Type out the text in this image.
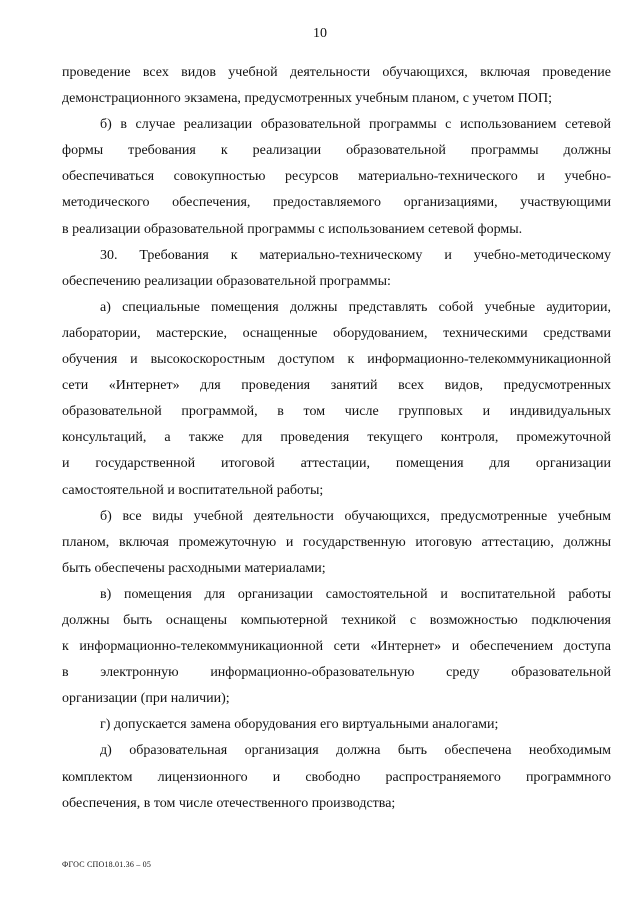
10
проведение всех видов учебной деятельности обучающихся, включая проведение
демонстрационного экзамена, предусмотренных учебным планом, с учетом ПОП;
б) в случае реализации образовательной программы с использованием сетевой
формы требования к реализации образовательной программы должны
обеспечиваться совокупностью ресурсов материально-технического и учебно-
методического обеспечения, предоставляемого организациями, участвующими
в реализации образовательной программы с использованием сетевой формы.
30. Требования к материально-техническому и учебно-методическому
обеспечению реализации образовательной программы:
а) специальные помещения должны представлять собой учебные аудитории,
лаборатории, мастерские, оснащенные оборудованием, техническими средствами
обучения и высокоскоростным доступом к информационно-телекоммуникационной
сети «Интернет» для проведения занятий всех видов, предусмотренных
образовательной программой, в том числе групповых и индивидуальных
консультаций, а также для проведения текущего контроля, промежуточной
и государственной итоговой аттестации, помещения для организации
самостоятельной и воспитательной работы;
б) все виды учебной деятельности обучающихся, предусмотренные учебным
планом, включая промежуточную и государственную итоговую аттестацию, должны
быть обеспечены расходными материалами;
в) помещения для организации самостоятельной и воспитательной работы
должны быть оснащены компьютерной техникой с возможностью подключения
к информационно-телекоммуникационной сети «Интернет» и обеспечением доступа
в электронную информационно-образовательную среду образовательной
организации (при наличии);
г) допускается замена оборудования его виртуальными аналогами;
д) образовательная организация должна быть обеспечена необходимым
комплектом лицензионного и свободно распространяемого программного
обеспечения, в том числе отечественного производства;
ФГОС СПО18.01.36 – 05
